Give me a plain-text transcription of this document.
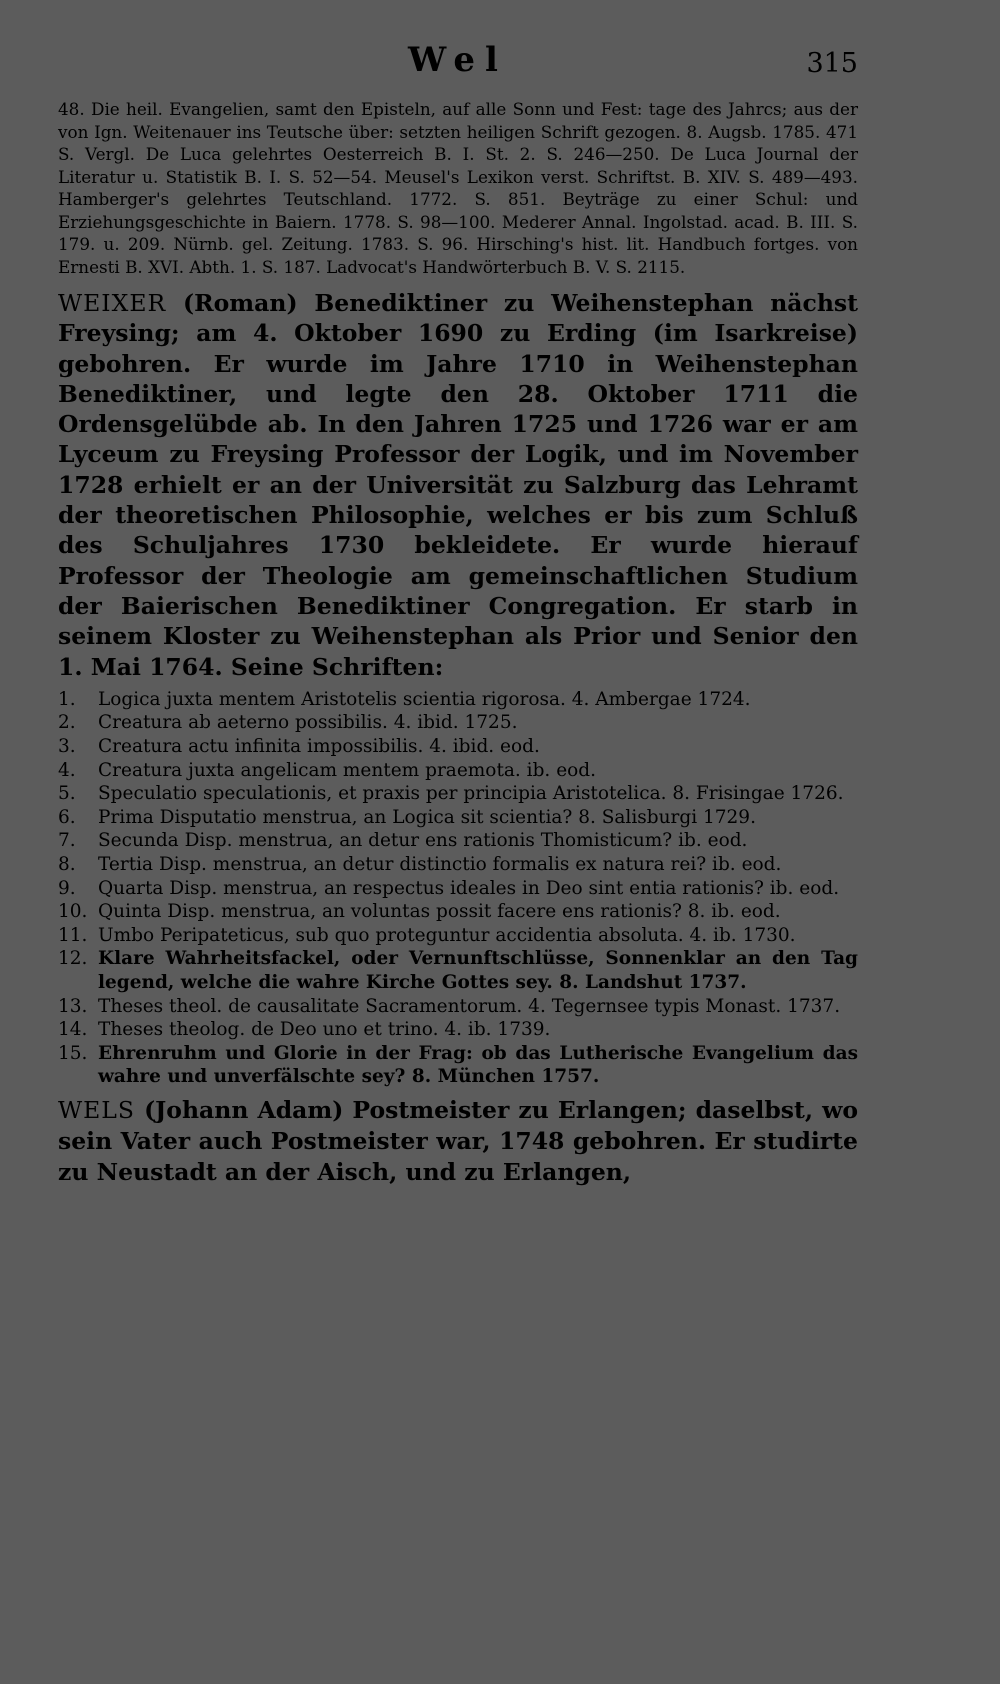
Wel	315

48. Die heil. Evangelien, samt den Episteln, auf alle Sonn und Fest: tage des Jahrcs; aus der von Ign. Weitenauer ins Teutsche über: setzten heiligen Schrift gezogen. 8. Augsb. 1785. 471 S. Vergl. De Luca gelehrtes Oesterreich B. I. St. 2. S. 246—250. De Luca Journal der Literatur u. Statistik B. I. S. 52—54. Meusel's Lexikon verst. Schriftst. B. XIV. S. 489—493. Hamberger's gelehrtes Teutschland. 1772. S. 851. Beyträge zu einer Schul: und Erziehungsgeschichte in Baiern. 1778. S. 98—100. Mederer Annal. Ingolstad. acad. B. III. S. 179. u. 209. Nürnb. gel. Zeitung. 1783. S. 96. Hirsching's hist. lit. Handbuch fortges. von Ernesti B. XVI. Abth. 1. S. 187. Ladvocat's Handwörterbuch B. V. S. 2115.

WEIXER (Roman) Benediktiner zu Weihenstephan nächst Freysing; am 4. Oktober 1690 zu Erding (im Isarkreise) gebohren. Er wurde im Jahre 1710 in Weihenstephan Benediktiner, und legte den 28. Oktober 1711 die Ordensgelübde ab. In den Jahren 1725 und 1726 war er am Lyceum zu Freysing Professor der Logik, und im November 1728 erhielt er an der Universität zu Salzburg das Lehramt der theoretischen Philosophie, welches er bis zum Schluß des Schuljahres 1730 bekleidete. Er wurde hierauf Professor der Theologie am gemeinschaftlichen Studium der Baierischen Benediktiner Congregation. Er starb in seinem Kloster zu Weihenstephan als Prior und Senior den 1. Mai 1764. Seine Schriften:

1.	Logica juxta mentem Aristotelis scientia rigorosa. 4. Ambergae 1724.
2.	Creatura ab aeterno possibilis. 4. ibid. 1725.
3.	Creatura actu infinita impossibilis. 4. ibid. eod.
4.	Creatura juxta angelicam mentem praemota. ib. eod.
5.	Speculatio speculationis, et praxis per principia Aristotelica. 8. Frisingae 1726.
6.	Prima Disputatio menstrua, an Logica sit scientia? 8. Salisburgi 1729.
7.	Secunda Disp. menstrua, an detur ens rationis Thomisticum? ib. eod.
8.	Tertia Disp. menstrua, an detur distinctio formalis ex natura rei? ib. eod.
9.	Quarta Disp. menstrua, an respectus ideales in Deo sint entia rationis? ib. eod.
10. Quinta Disp. menstrua, an voluntas possit facere ens rationis? 8. ib. eod.
11. Umbo Peripateticus, sub quo proteguntur accidentia absoluta. 4. ib. 1730.
12. Klare Wahrheitsfackel, oder Vernunftschlüsse, Sonnenklar an den Tag legend, welche die wahre Kirche Gottes sey. 8. Landshut 1737.
13. Theses theol. de causalitate Sacramentorum. 4. Tegernsee typis Monast. 1737.
14. Theses theolog. de Deo uno et trino. 4. ib. 1739.
15. Ehrenruhm und Glorie in der Frag: ob das Lutherische Evangelium das wahre und unverfälschte sey? 8. München 1757.

WELS (Johann Adam) Postmeister zu Erlangen; daselbst, wo sein Vater auch Postmeister war, 1748 gebohren. Er studirte zu Neustadt an der Aisch, und zu Erlangen,
